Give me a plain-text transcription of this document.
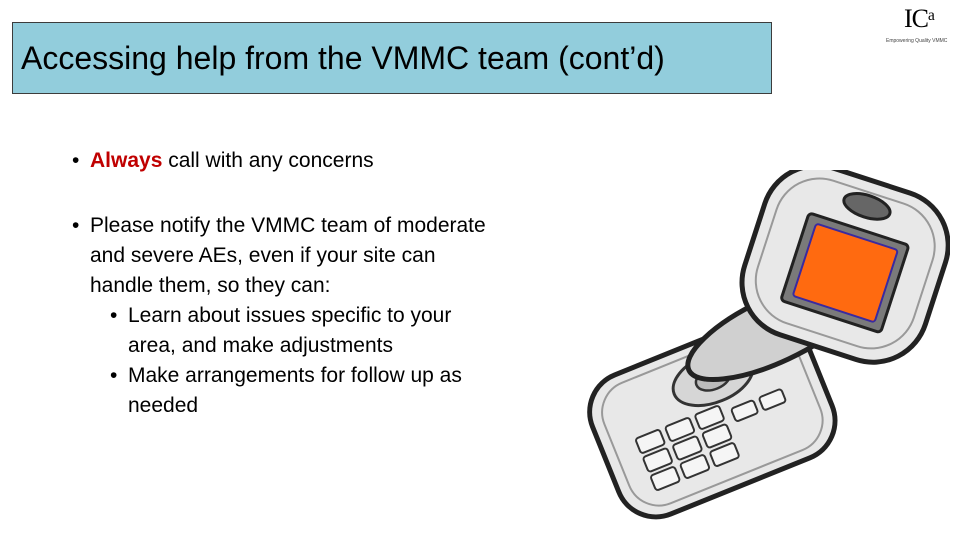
Accessing help from the VMMC team (cont’d)
ICᵃ
Empowering Quality VMMC
• Always call with any concerns
• Please notify the VMMC team of moderate and severe AEs, even if your site can handle them, so they can:
• Learn about issues specific to your area, and make adjustments
• Make arrangements for follow up as needed
